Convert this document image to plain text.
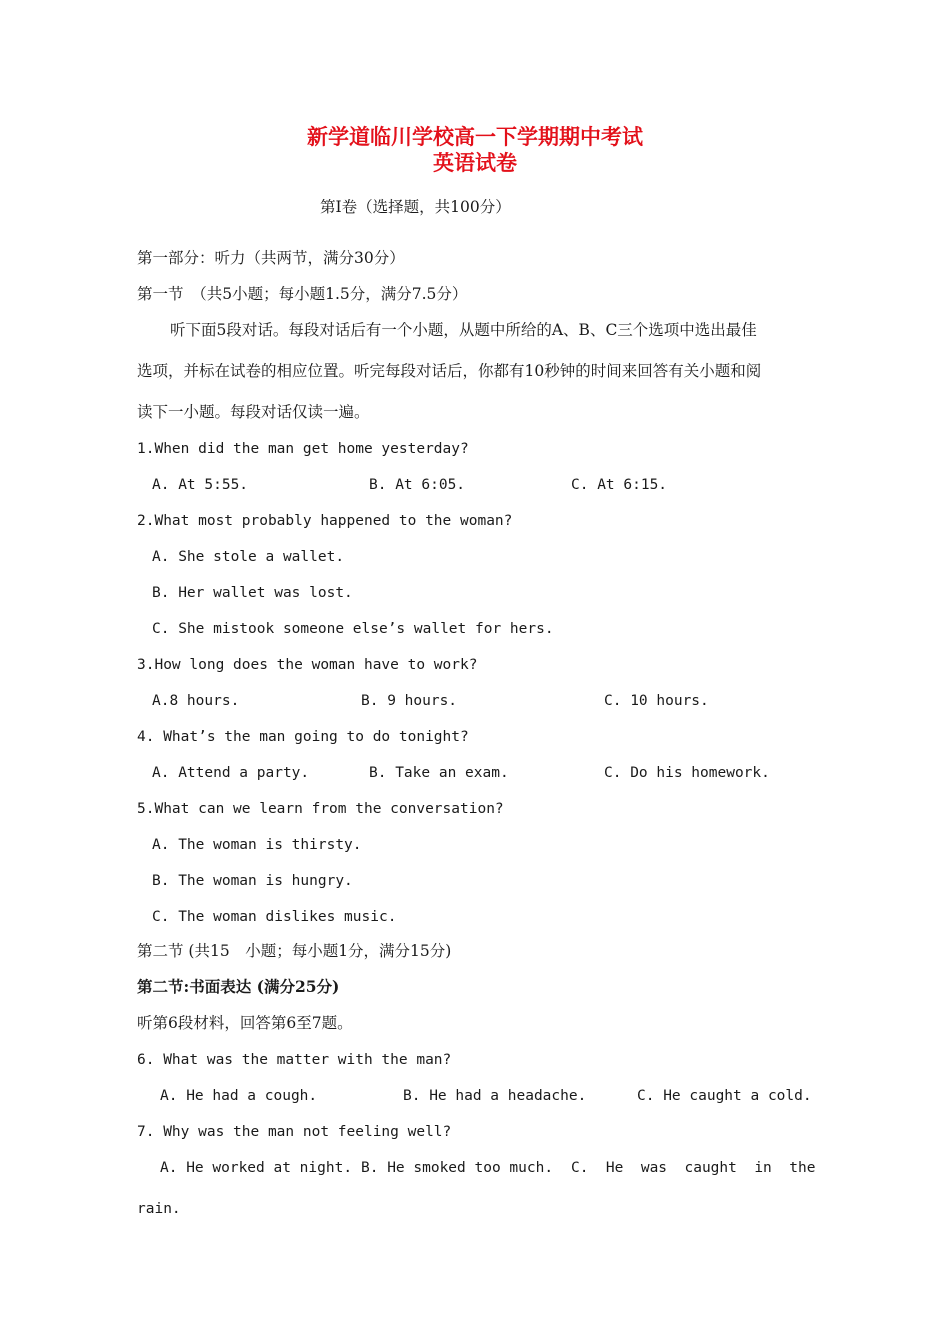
新学道临川学校高一下学期期中考试
英语试卷
第Ⅰ卷（选择题，共100分）
第一部分：听力（共两节，满分30分）
第一节　（共5小题；每小题1.5分，满分7.5分）
听下面5段对话。每段对话后有一个小题，从题中所给的A、B、C三个选项中选出最佳
选项，并标在试卷的相应位置。听完每段对话后，你都有10秒钟的时间来回答有关小题和阅
读下一小题。每段对话仅读一遍。
1.When did the man get home yesterday?
A. At 5:55.	B. At 6:05.	C. At 6:15.
2.What most probably happened to the woman?
A. She stole a wallet.
B. Her wallet was lost.
C. She mistook someone else’s wallet for hers.
3.How long does the woman have to work?
A.8 hours.	B. 9 hours.	C. 10 hours.
4. What’s the man going to do tonight?
A. Attend a party.	B. Take an exam.	C. Do his homework.
5.What can we learn from the conversation?
A. The woman is thirsty.
B. The woman is hungry.
C. The woman dislikes music.
第二节 (共15　小题；每小题1分，满分15分)
第二节:书面表达 (满分25分)
听第6段材料，回答第6至7题。
6. What was the matter with the man?
A. He had a cough.	B. He had a headache.	C. He caught a cold.
7. Why was the man not feeling well?
A. He worked at night. B. He smoked too much. C.  He  was  caught  in  the
rain.
